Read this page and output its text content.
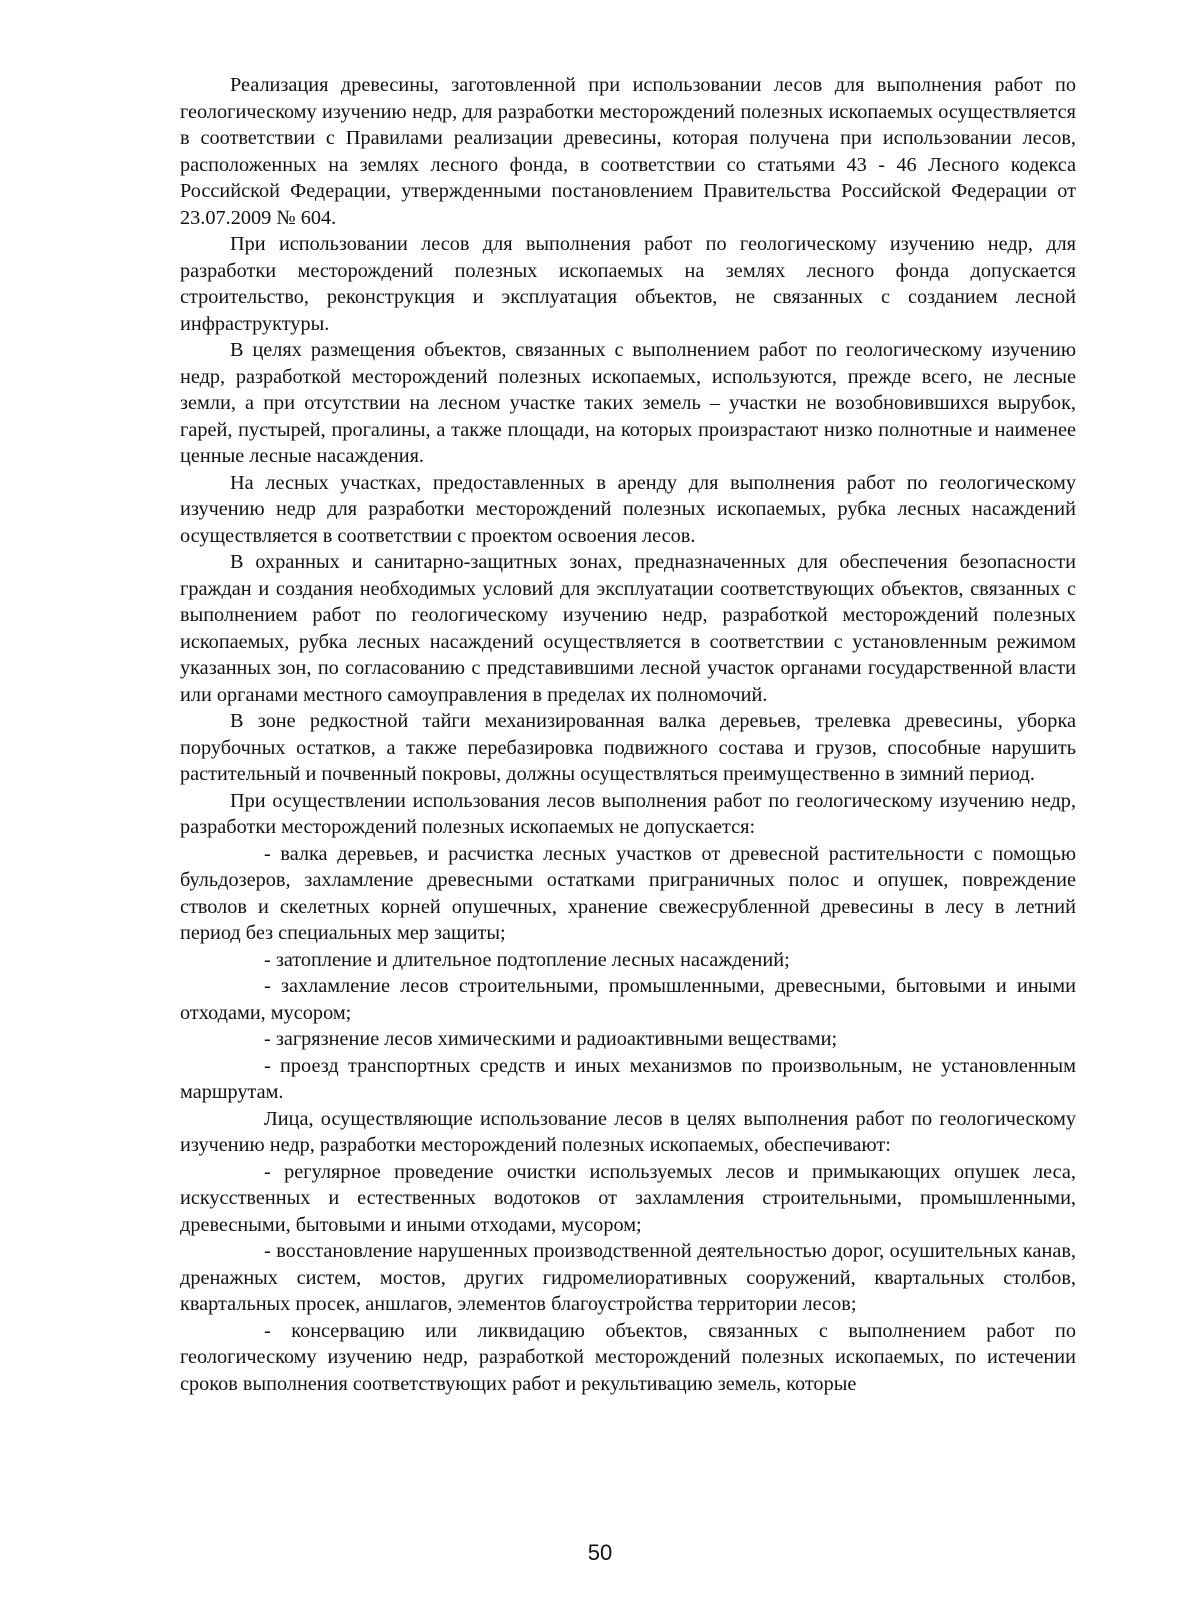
Реализация древесины, заготовленной при использовании лесов для выполнения работ по геологическому изучению недр, для разработки месторождений полезных ископаемых осуществляется в соответствии с Правилами реализации древесины, которая получена при использовании лесов, расположенных на землях лесного фонда, в соответствии со статьями 43 - 46 Лесного кодекса Российской Федерации, утвержденными постановлением Правительства Российской Федерации от 23.07.2009 № 604.

При использовании лесов для выполнения работ по геологическому изучению недр, для разработки месторождений полезных ископаемых на землях лесного фонда допускается строительство, реконструкция и эксплуатация объектов, не связанных с созданием лесной инфраструктуры.

В целях размещения объектов, связанных с выполнением работ по геологическому изучению недр, разработкой месторождений полезных ископаемых, используются, прежде всего, не лесные земли, а при отсутствии на лесном участке таких земель – участки не возобновившихся вырубок, гарей, пустырей, прогалины, а также площади, на которых произрастают низко полнотные и наименее ценные лесные насаждения.

На лесных участках, предоставленных в аренду для выполнения работ по геологическому изучению недр для разработки месторождений полезных ископаемых, рубка лесных насаждений осуществляется в соответствии с проектом освоения лесов.

В охранных и санитарно-защитных зонах, предназначенных для обеспечения безопасности граждан и создания необходимых условий для эксплуатации соответствующих объектов, связанных с выполнением работ по геологическому изучению недр, разработкой месторождений полезных ископаемых, рубка лесных насаждений осуществляется в соответствии с установленным режимом указанных зон, по согласованию с представившими лесной участок органами государственной власти или органами местного самоуправления в пределах их полномочий.

В зоне редкостной тайги механизированная валка деревьев, трелевка древесины, уборка порубочных остатков, а также перебазировка подвижного состава и грузов, способные нарушить растительный и почвенный покровы, должны осуществляться преимущественно в зимний период.

При осуществлении использования лесов выполнения работ по геологическому изучению недр, разработки месторождений полезных ископаемых не допускается:

- валка деревьев, и расчистка лесных участков от древесной растительности с помощью бульдозеров, захламление древесными остатками приграничных полос и опушек, повреждение стволов и скелетных корней опушечных, хранение свежесрубленной древесины в лесу в летний период без специальных мер защиты;

- затопление и длительное подтопление лесных насаждений;

- захламление лесов строительными, промышленными, древесными, бытовыми и иными отходами, мусором;

- загрязнение лесов химическими и радиоактивными веществами;

- проезд транспортных средств и иных механизмов по произвольным, не установленным маршрутам.

Лица, осуществляющие использование лесов в целях выполнения работ по геологическому изучению недр, разработки месторождений полезных ископаемых, обеспечивают:

- регулярное проведение очистки используемых лесов и примыкающих опушек леса, искусственных и естественных водотоков от захламления строительными, промышленными, древесными, бытовыми и иными отходами, мусором;

- восстановление нарушенных производственной деятельностью дорог, осушительных канав, дренажных систем, мостов, других гидромелиоративных сооружений, квартальных столбов, квартальных просек, аншлагов, элементов благоустройства территории лесов;

- консервацию или ликвидацию объектов, связанных с выполнением работ по геологическому изучению недр, разработкой месторождений полезных ископаемых, по истечении сроков выполнения соответствующих работ и рекультивацию земель, которые

50
